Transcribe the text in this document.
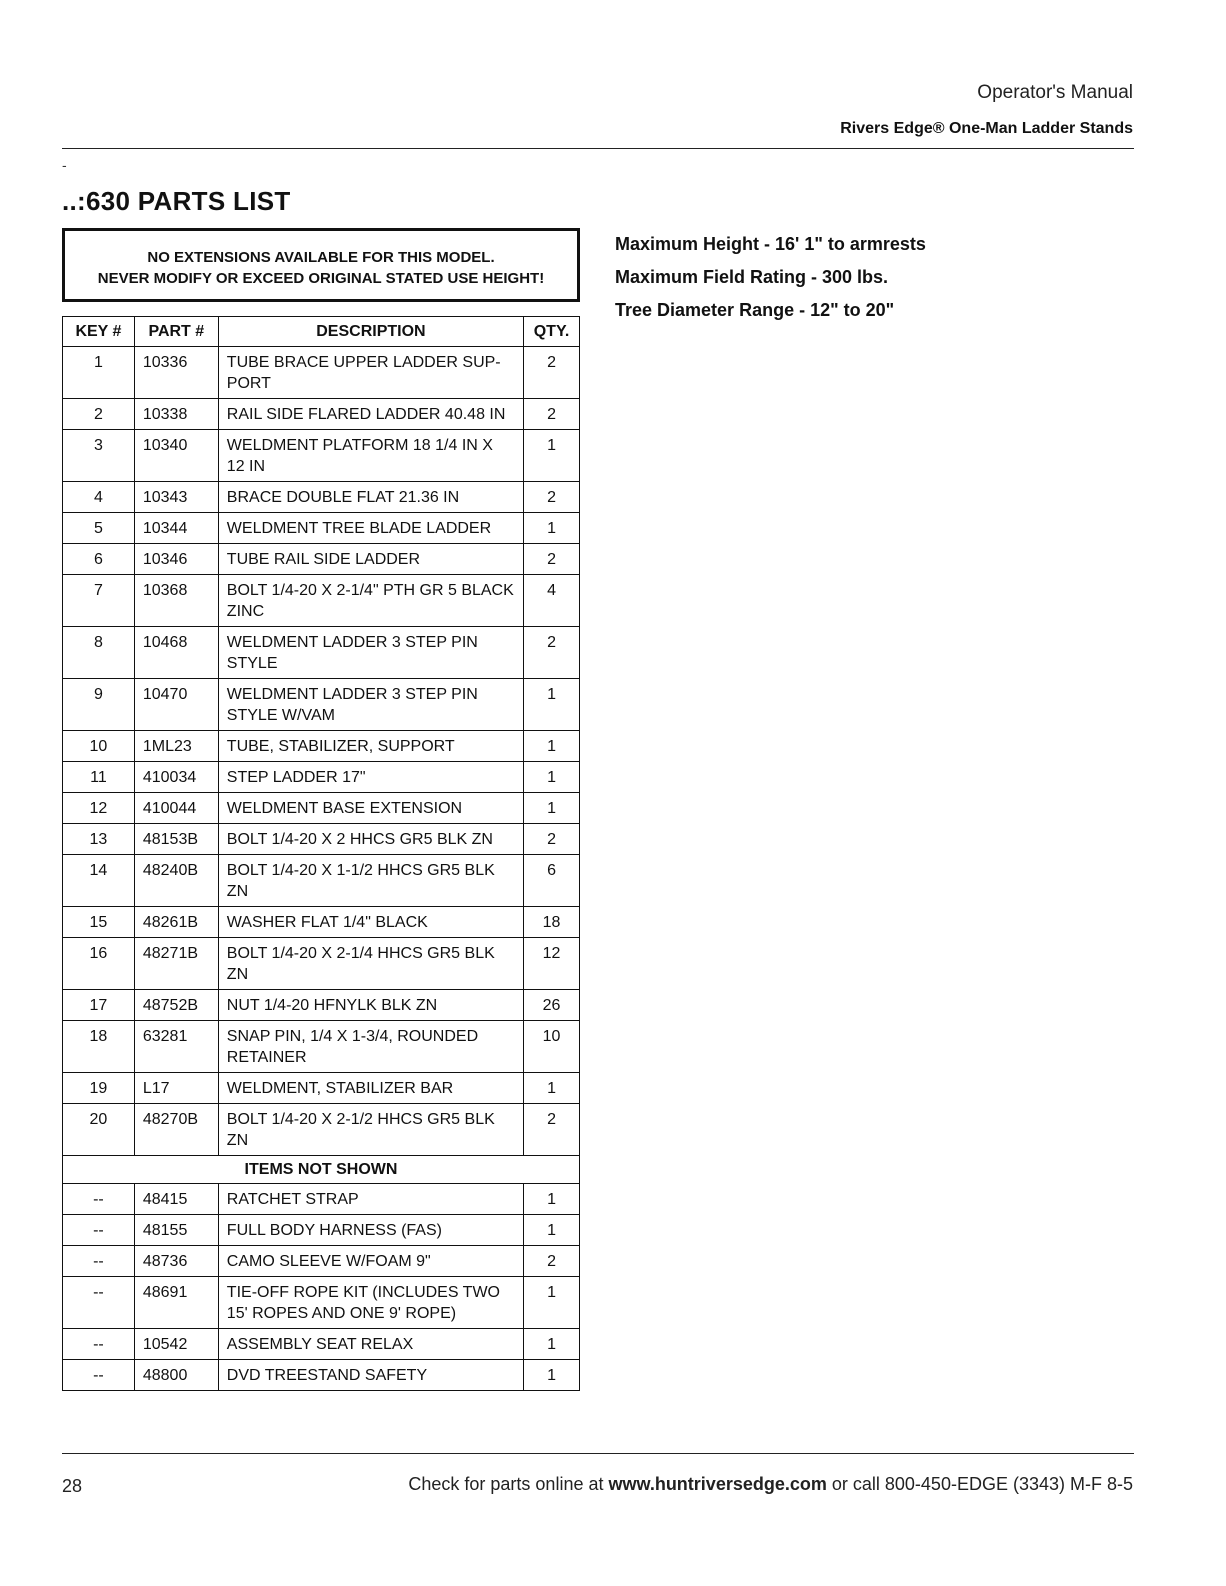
Operator's Manual
Rivers Edge® One-Man Ladder Stands
-
..:630 PARTS LIST
NO EXTENSIONS AVAILABLE FOR THIS MODEL.
NEVER MODIFY OR EXCEED ORIGINAL STATED USE HEIGHT!
Maximum Height - 16' 1" to armrests
Maximum Field Rating - 300 lbs.
Tree Diameter Range - 12" to 20"
KEY #	PART #	DESCRIPTION	QTY.
1	10336	TUBE BRACE UPPER LADDER SUP-PORT	2
2	10338	RAIL SIDE FLARED LADDER 40.48 IN	2
3	10340	WELDMENT PLATFORM 18 1/4 IN X 12 IN	1
4	10343	BRACE DOUBLE FLAT 21.36 IN	2
5	10344	WELDMENT TREE BLADE LADDER	1
6	10346	TUBE RAIL SIDE LADDER	2
7	10368	BOLT 1/4-20 X 2-1/4" PTH GR 5 BLACK ZINC	4
8	10468	WELDMENT LADDER 3 STEP PIN STYLE	2
9	10470	WELDMENT LADDER 3 STEP PIN STYLE W/VAM	1
10	1ML23	TUBE, STABILIZER, SUPPORT	1
11	410034	STEP LADDER 17"	1
12	410044	WELDMENT BASE EXTENSION	1
13	48153B	BOLT 1/4-20 X 2 HHCS GR5 BLK ZN	2
14	48240B	BOLT 1/4-20 X 1-1/2 HHCS GR5 BLK ZN	6
15	48261B	WASHER FLAT 1/4" BLACK	18
16	48271B	BOLT 1/4-20 X 2-1/4 HHCS GR5 BLK ZN	12
17	48752B	NUT 1/4-20 HFNYLK BLK ZN	26
18	63281	SNAP PIN, 1/4 X 1-3/4, ROUNDED RETAINER	10
19	L17	WELDMENT, STABILIZER BAR	1
20	48270B	BOLT 1/4-20 X 2-1/2 HHCS GR5 BLK ZN	2
ITEMS NOT SHOWN			
--	48415	RATCHET STRAP	1
--	48155	FULL BODY HARNESS (FAS)	1
--	48736	CAMO SLEEVE W/FOAM 9"	2
--	48691	TIE-OFF ROPE KIT (INCLUDES TWO 15' ROPES AND ONE 9' ROPE)	1
--	10542	ASSEMBLY SEAT RELAX	1
--	48800	DVD TREESTAND SAFETY	1
28	Check for parts online at www.huntriversedge.com or call 800-450-EDGE (3343) M-F 8-5
